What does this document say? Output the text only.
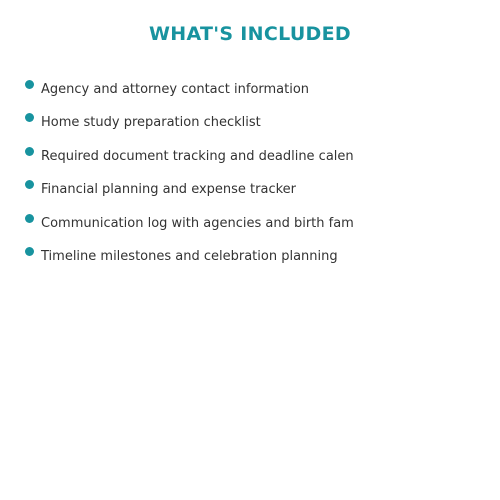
WHAT'S INCLUDED
Agency and attorney contact information
Home study preparation checklist
Required document tracking and deadline calen
Financial planning and expense tracker
Communication log with agencies and birth fam
Timeline milestones and celebration planning
